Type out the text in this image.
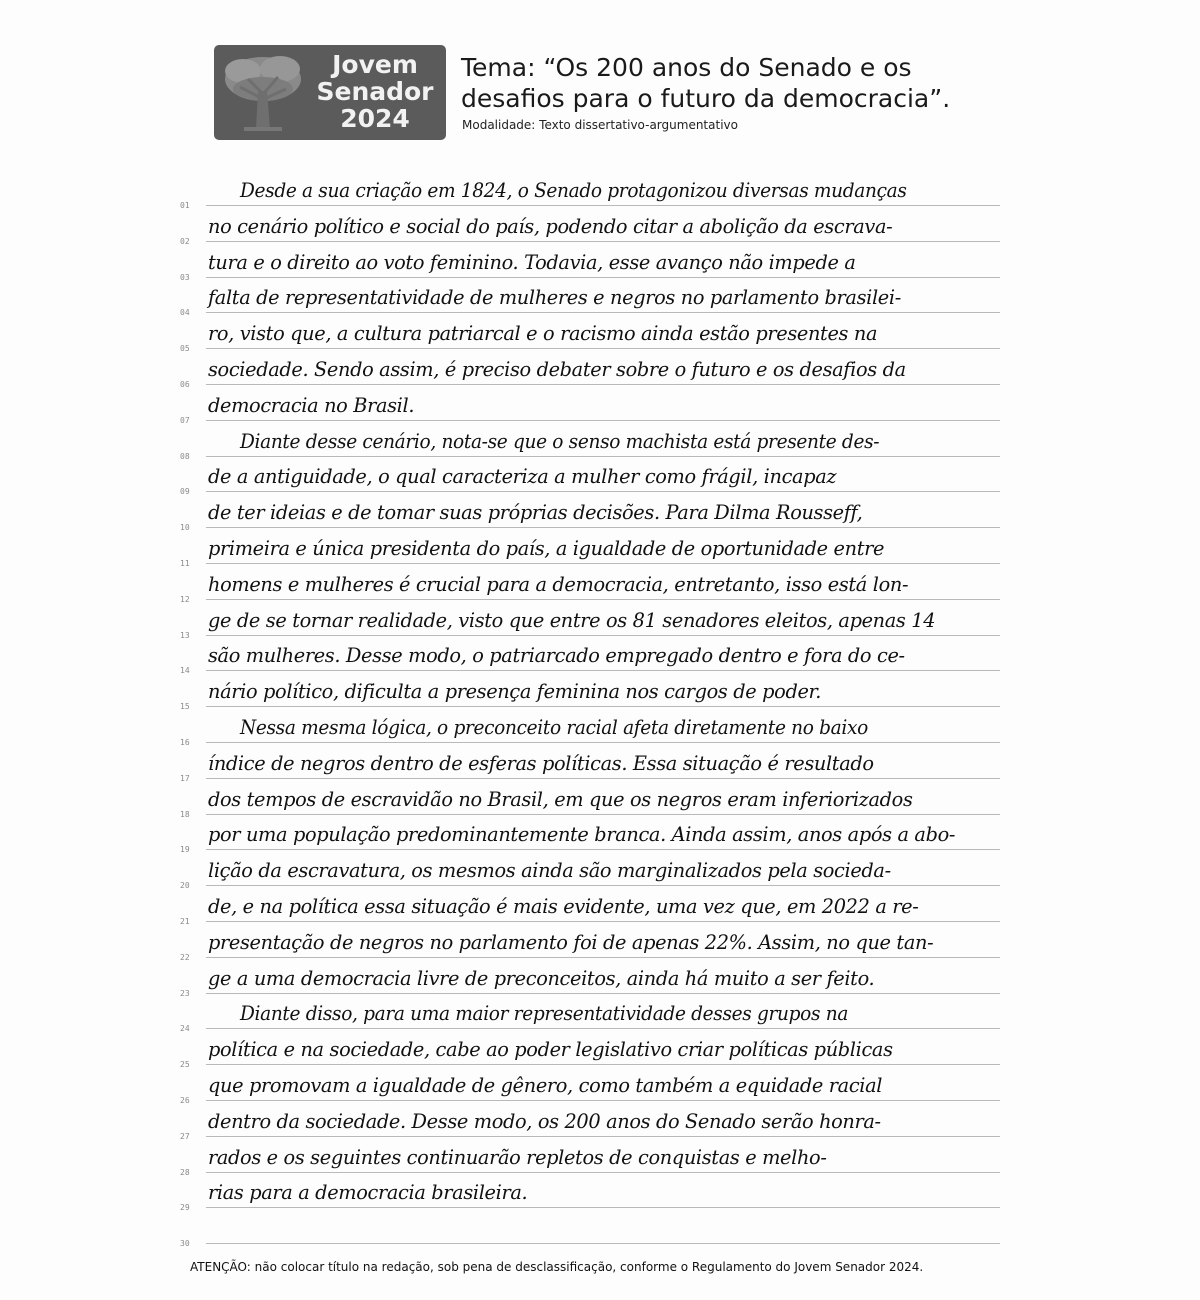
Jovem
Senador
2024
Tema: “Os 200 anos do Senado e os
desafios para o futuro da democracia”.
Modalidade: Texto dissertativo-argumentativo
01
Desde a sua criação em 1824, o Senado protagonizou diversas mudanças
02
no cenário político e social do país, podendo citar a abolição da escrava-
03
tura e o direito ao voto feminino. Todavia, esse avanço não impede a
04
falta de representatividade de mulheres e negros no parlamento brasilei-
05
ro, visto que, a cultura patriarcal e o racismo ainda estão presentes na
06
sociedade. Sendo assim, é preciso debater sobre o futuro e os desafios da
07
democracia no Brasil.
08
Diante desse cenário, nota-se que o senso machista está presente des-
09
de a antiguidade, o qual caracteriza a mulher como frágil, incapaz
10
de ter ideias e de tomar suas próprias decisões. Para Dilma Rousseff,
11
primeira e única presidenta do país, a igualdade de oportunidade entre
12
homens e mulheres é crucial para a democracia, entretanto, isso está lon-
13
ge de se tornar realidade, visto que entre os 81 senadores eleitos, apenas 14
14
são mulheres. Desse modo, o patriarcado empregado dentro e fora do ce-
15
nário político, dificulta a presença feminina nos cargos de poder.
16
Nessa mesma lógica, o preconceito racial afeta diretamente no baixo
17
índice de negros dentro de esferas políticas. Essa situação é resultado
18
dos tempos de escravidão no Brasil, em que os negros eram inferiorizados
19
por uma população predominantemente branca. Ainda assim, anos após a abo-
20
lição da escravatura, os mesmos ainda são marginalizados pela socieda-
21
de, e na política essa situação é mais evidente, uma vez que, em 2022 a re-
22
presentação de negros no parlamento foi de apenas 22%. Assim, no que tan-
23
ge a uma democracia livre de preconceitos, ainda há muito a ser feito.
24
Diante disso, para uma maior representatividade desses grupos na
25
política e na sociedade, cabe ao poder legislativo criar políticas públicas
26
que promovam a igualdade de gênero, como também a equidade racial
27
dentro da sociedade. Desse modo, os 200 anos do Senado serão honra-
28
rados e os seguintes continuarão repletos de conquistas e melho-
29
rias para a democracia brasileira.
30
ATENÇÃO: não colocar título na redação, sob pena de desclassificação, conforme o Regulamento do Jovem Senador 2024.
